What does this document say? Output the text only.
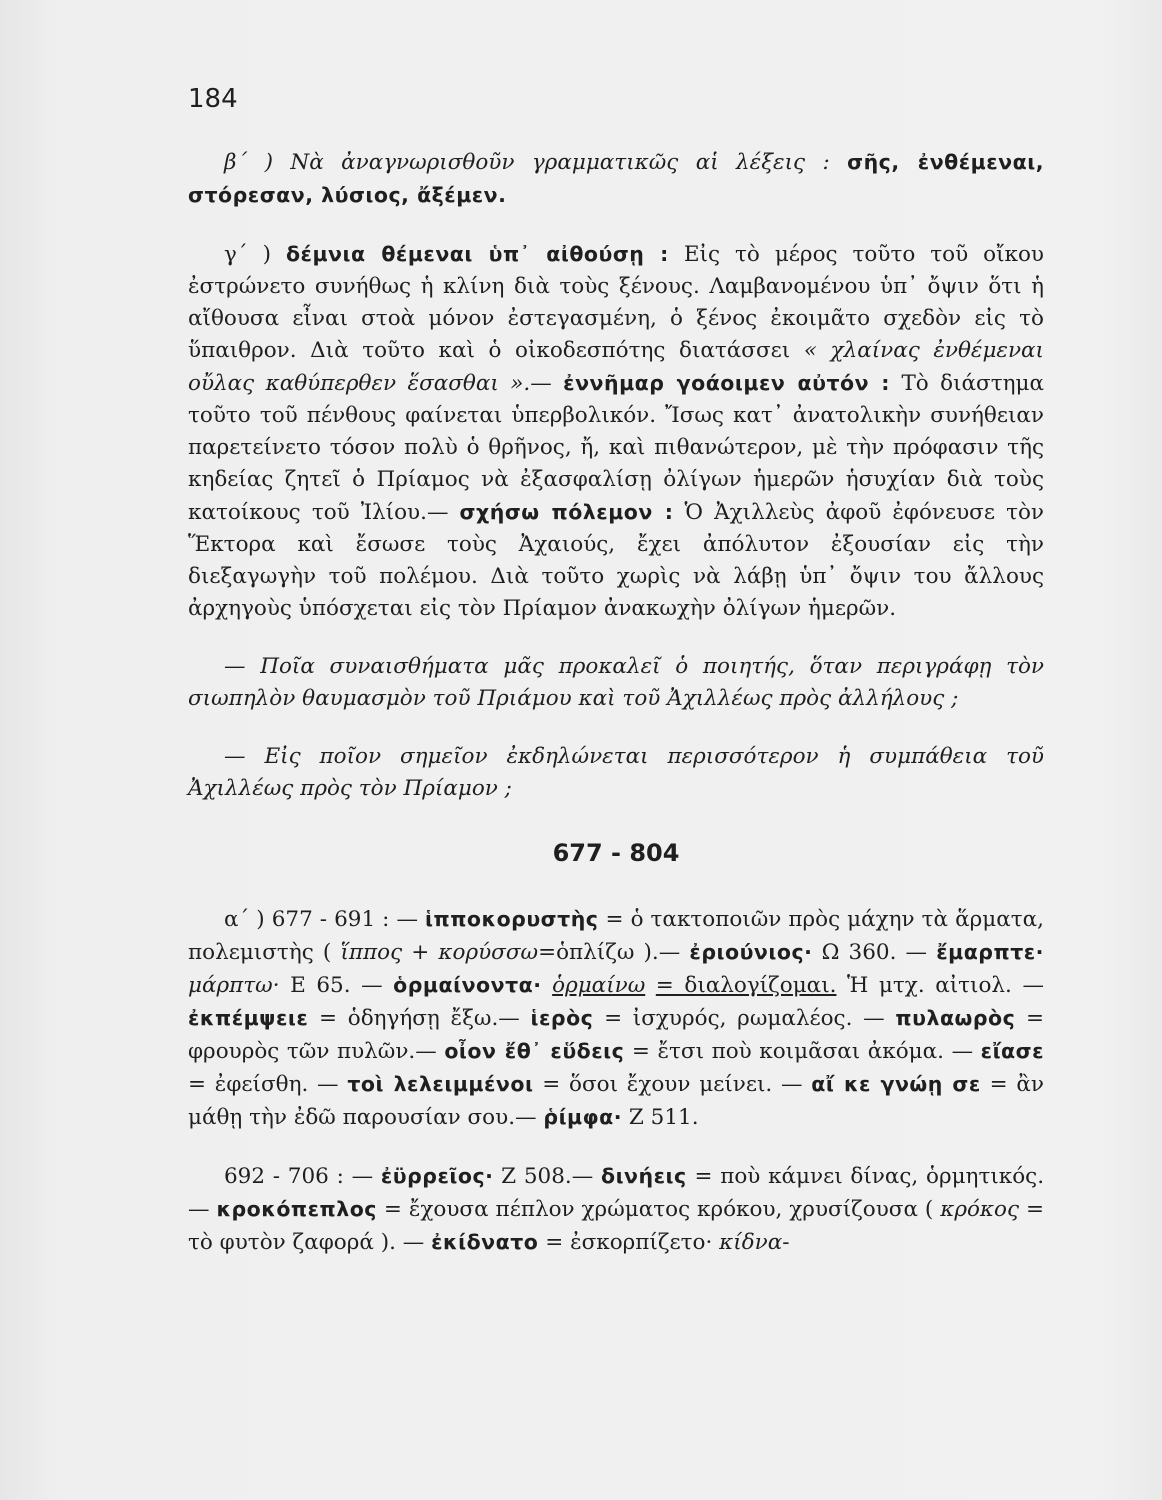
184

β΄ ) Νὰ ἀναγνωρισθοῦν γραμματικῶς αἱ λέξεις : σῆς, ἐνθέμεναι, στόρεσαν, λύσιος, ἄξέμεν.

γ΄ ) δέμνια θέμεναι ὑπ᾿ αἰθούσῃ : Εἰς τὸ μέρος τοῦτο τοῦ οἴκου ἐστρώνετο συνήθως ἡ κλίνη διὰ τοὺς ξένους. Λαμβανομένου ὑπ᾿ ὄψιν ὅτι ἡ αἴθουσα εἶναι στοὰ μόνον ἐστεγασμένη, ὁ ξένος ἐκοιμᾶτο σχεδὸν εἰς τὸ ὕπαιθρον. Διὰ τοῦτο καὶ ὁ οἰκοδεσπότης διατάσσει « χλαίνας ἐνθέμεναι οὔλας καθύπερθεν ἕσασθαι ».— ἐννῆμαρ γοάοιμεν αὐτόν : Τὸ διάστημα τοῦτο τοῦ πένθους φαίνεται ὑπερβολικόν. Ἴσως κατ᾿ ἀνατολικὴν συνήθειαν παρετείνετο τόσον πολὺ ὁ θρῆνος, ἤ, καὶ πιθανώτερον, μὲ τὴν πρόφασιν τῆς κηδείας ζητεῖ ὁ Πρίαμος νὰ ἐξασφαλίσῃ ὀλίγων ἡμερῶν ἡσυχίαν διὰ τοὺς κατοίκους τοῦ Ἰλίου.— σχήσω πόλεμον : Ὁ Ἀχιλλεὺς ἀφοῦ ἐφόνευσε τὸν Ἕκτορα καὶ ἔσωσε τοὺς Ἀχαιούς, ἔχει ἀπόλυτον ἐξουσίαν εἰς τὴν διεξαγωγὴν τοῦ πολέμου. Διὰ τοῦτο χωρὶς νὰ λάβῃ ὑπ᾿ ὄψιν του ἄλλους ἀρχηγοὺς ὑπόσχεται εἰς τὸν Πρίαμον ἀνακωχὴν ὀλίγων ἡμερῶν.

— Ποῖα συναισθήματα μᾶς προκαλεῖ ὁ ποιητής, ὅταν περιγράφῃ τὸν σιωπηλὸν θαυμασμὸν τοῦ Πριάμου καὶ τοῦ Ἀχιλλέως πρὸς ἀλλήλους ;

— Εἰς ποῖον σημεῖον ἐκδηλώνεται περισσότερον ἡ συμπάθεια τοῦ Ἀχιλλέως πρὸς τὸν Πρίαμον ;

677 - 804

α΄ ) 677 - 691 : — ἱπποκορυστὴς = ὁ τακτοποιῶν πρὸς μάχην τὰ ἅρματα, πολεμιστὴς ( ἵππος + κορύσσω=ὁπλίζω ).— ἐριούνιος· Ω 360. — ἔμαρπτε· μάρπτω· Ε 65. — ὁρμαίνοντα· ὁρμαίνω = διαλογίζομαι. Ἡ μτχ. αἰτιολ. — ἐκπέμψειε = ὁδηγήσῃ ἔξω.— ἱερὸς = ἰσχυρός, ρωμαλέος. — πυλαωρὸς = φρουρὸς τῶν πυλῶν.— οἶον ἔθ᾿ εὕδεις = ἔτσι ποὺ κοιμᾶσαι ἀκόμα. — εἴασε = ἐφείσθη. — τοὶ λελειμμένοι = ὅσοι ἔχουν μείνει. — αἴ κε γνώῃ σε = ἂν μάθῃ τὴν ἐδῶ παρουσίαν σου.— ῥίμφα· Ζ 511.

692 - 706 : — ἐϋρρεῖος· Ζ 508.— δινήεις = ποὺ κάμνει δίνας, ὁρμητικός.— κροκόπεπλος = ἔχουσα πέπλον χρώματος κρόκου, χρυσίζουσα ( κρόκος = τὸ φυτὸν ζαφορά ). — ἐκίδνατο = ἐσκορπίζετο· κίδνα-
